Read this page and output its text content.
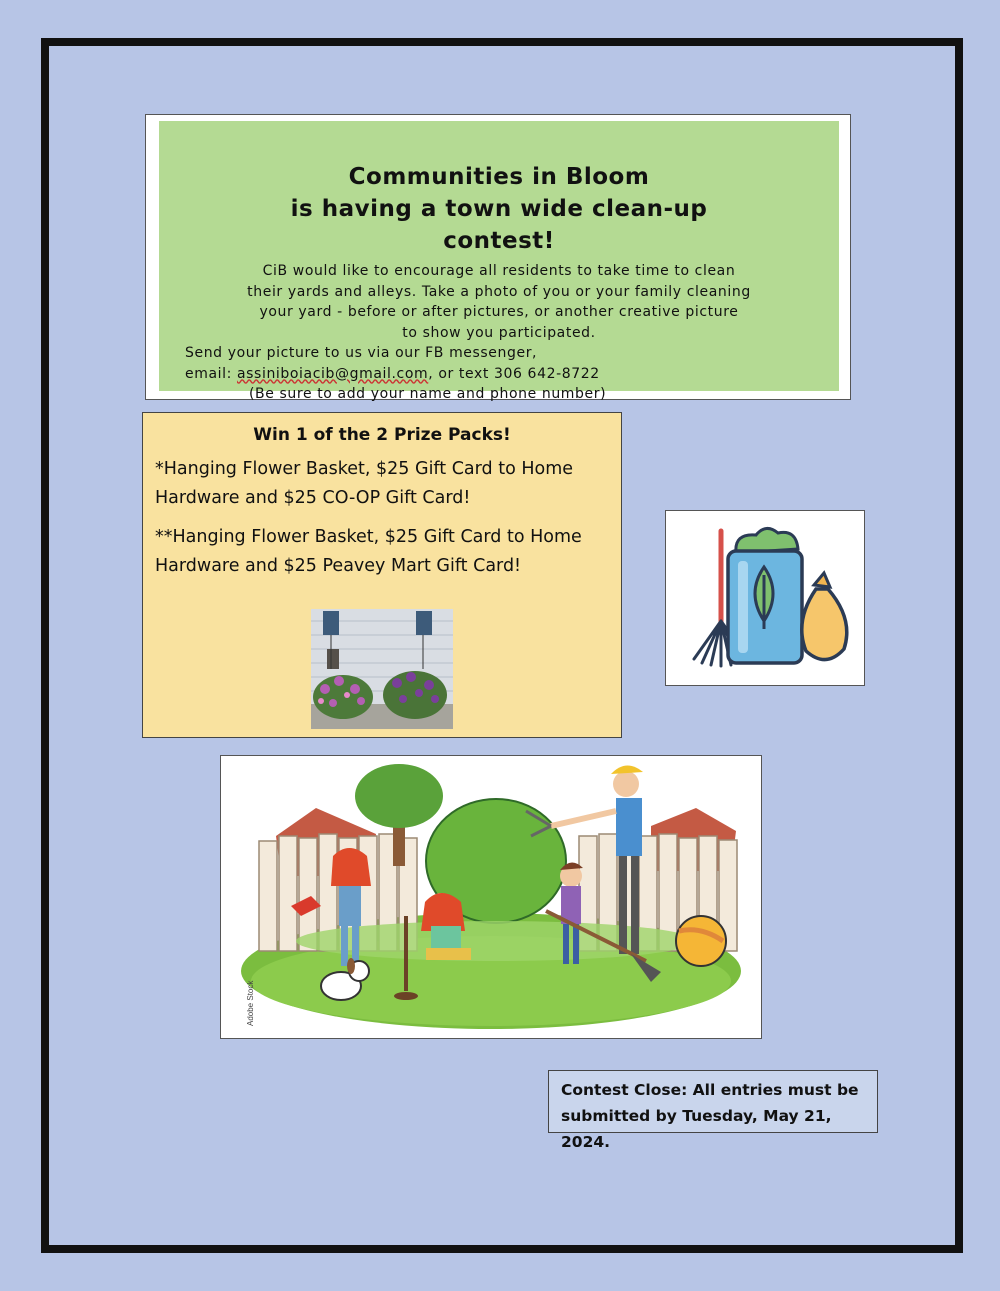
Communities in Bloom
is having a town wide clean-up
contest!
CiB would like to encourage all residents to take time to clean
their yards and alleys. Take a photo of you or your family cleaning
your yard - before or after pictures, or another creative picture
to show you participated.
Send your picture to us via our FB messenger,
email: assiniboiacib@gmail.com, or text 306 642-8722
(Be sure to add your name and phone number)
Win 1 of the 2 Prize Packs!

*Hanging Flower Basket, $25 Gift Card to Home Hardware and $25 CO-OP Gift Card!

**Hanging Flower Basket, $25 Gift Card to Home Hardware and $25 Peavey Mart Gift Card!

Adobe Stock
Contest Close: All entries must be
submitted by Tuesday, May 21, 2024.
